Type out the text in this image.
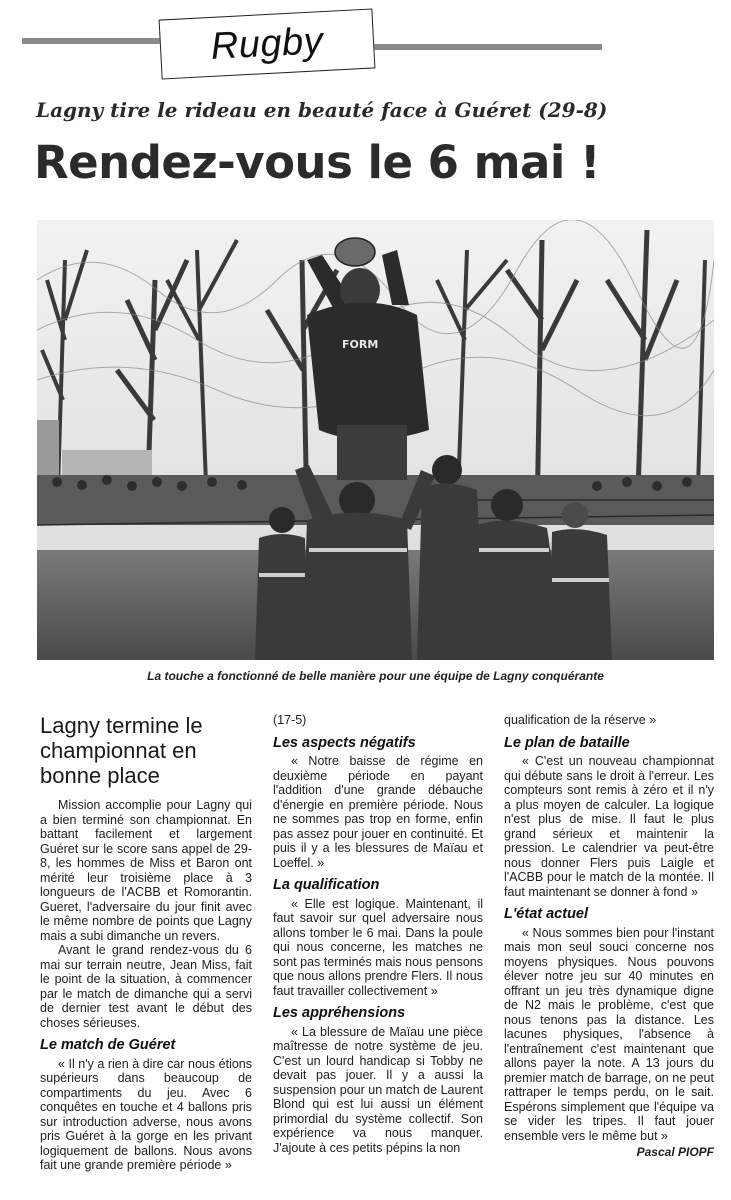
Rugby
Lagny tire le rideau en beauté face à Guéret (29-8)
Rendez-vous le 6 mai !
FORM
La touche a fonctionné de belle manière pour une équipe de Lagny conquérante
Lagny termine le championnat en bonne place

Mission accomplie pour Lagny qui a bien terminé son championnat. En battant facilement et largement Guéret sur le score sans appel de 29-8, les hommes de Miss et Baron ont mérité leur troisième place à 3 longueurs de l'ACBB et Romorantin. Gueret, l'adversaire du jour finit avec le même nombre de points que Lagny mais a subi dimanche un revers.

Avant le grand rendez-vous du 6 mai sur terrain neutre, Jean Miss, fait le point de la situation, à commencer par le match de dimanche qui a servi de dernier test avant le début des choses sérieuses.

Le match de Guéret

« Il n'y a rien à dire car nous étions supérieurs dans beaucoup de compartiments du jeu. Avec 6 conquêtes en touche et 4 ballons pris sur introduction adverse, nous avons pris Guéret à la gorge en les privant logiquement de ballons. Nous avons fait une grande première période »

(17-5)

Les aspects négatifs

« Notre baisse de régime en deuxième période en payant l'addition d'une grande débauche d'énergie en première période. Nous ne sommes pas trop en forme, enfin pas assez pour jouer en continuité. Et puis il y a les blessures de Maïau et Loeffel. »

La qualification

« Elle est logique. Maintenant, il faut savoir sur quel adversaire nous allons tomber le 6 mai. Dans la poule qui nous concerne, les matches ne sont pas terminés mais nous pensons que nous allons prendre Flers. Il nous faut travailler collectivement »

Les appréhensions

« La blessure de Maïau une pièce maîtresse de notre système de jeu. C'est un lourd handicap si Tobby ne devait pas jouer. Il y a aussi la suspension pour un match de Laurent Blond qui est lui aussi un élément primordial du système collectif. Son expérience va nous manquer. J'ajoute à ces petits pépins la non

qualification de la réserve »

Le plan de bataille

« C'est un nouveau championnat qui débute sans le droit à l'erreur. Les compteurs sont remis à zéro et il n'y a plus moyen de calculer. La logique n'est plus de mise. Il faut le plus grand sérieux et maintenir la pression. Le calendrier va peut-être nous donner Flers puis Laigle et l'ACBB pour le match de la montée. Il faut maintenant se donner à fond »

L'état actuel

« Nous sommes bien pour l'instant mais mon seul souci concerne nos moyens physiques. Nous pouvons élever notre jeu sur 40 minutes en offrant un jeu très dynamique digne de N2 mais le problème, c'est que nous tenons pas la distance. Les lacunes physiques, l'absence à l'entraînement c'est maintenant que allons payer la note. A 13 jours du premier match de barrage, on ne peut rattraper le temps perdu, on le sait. Espérons simplement que l'équipe va se vider les tripes. Il faut jouer ensemble vers le même but »

Pascal PIOPF
